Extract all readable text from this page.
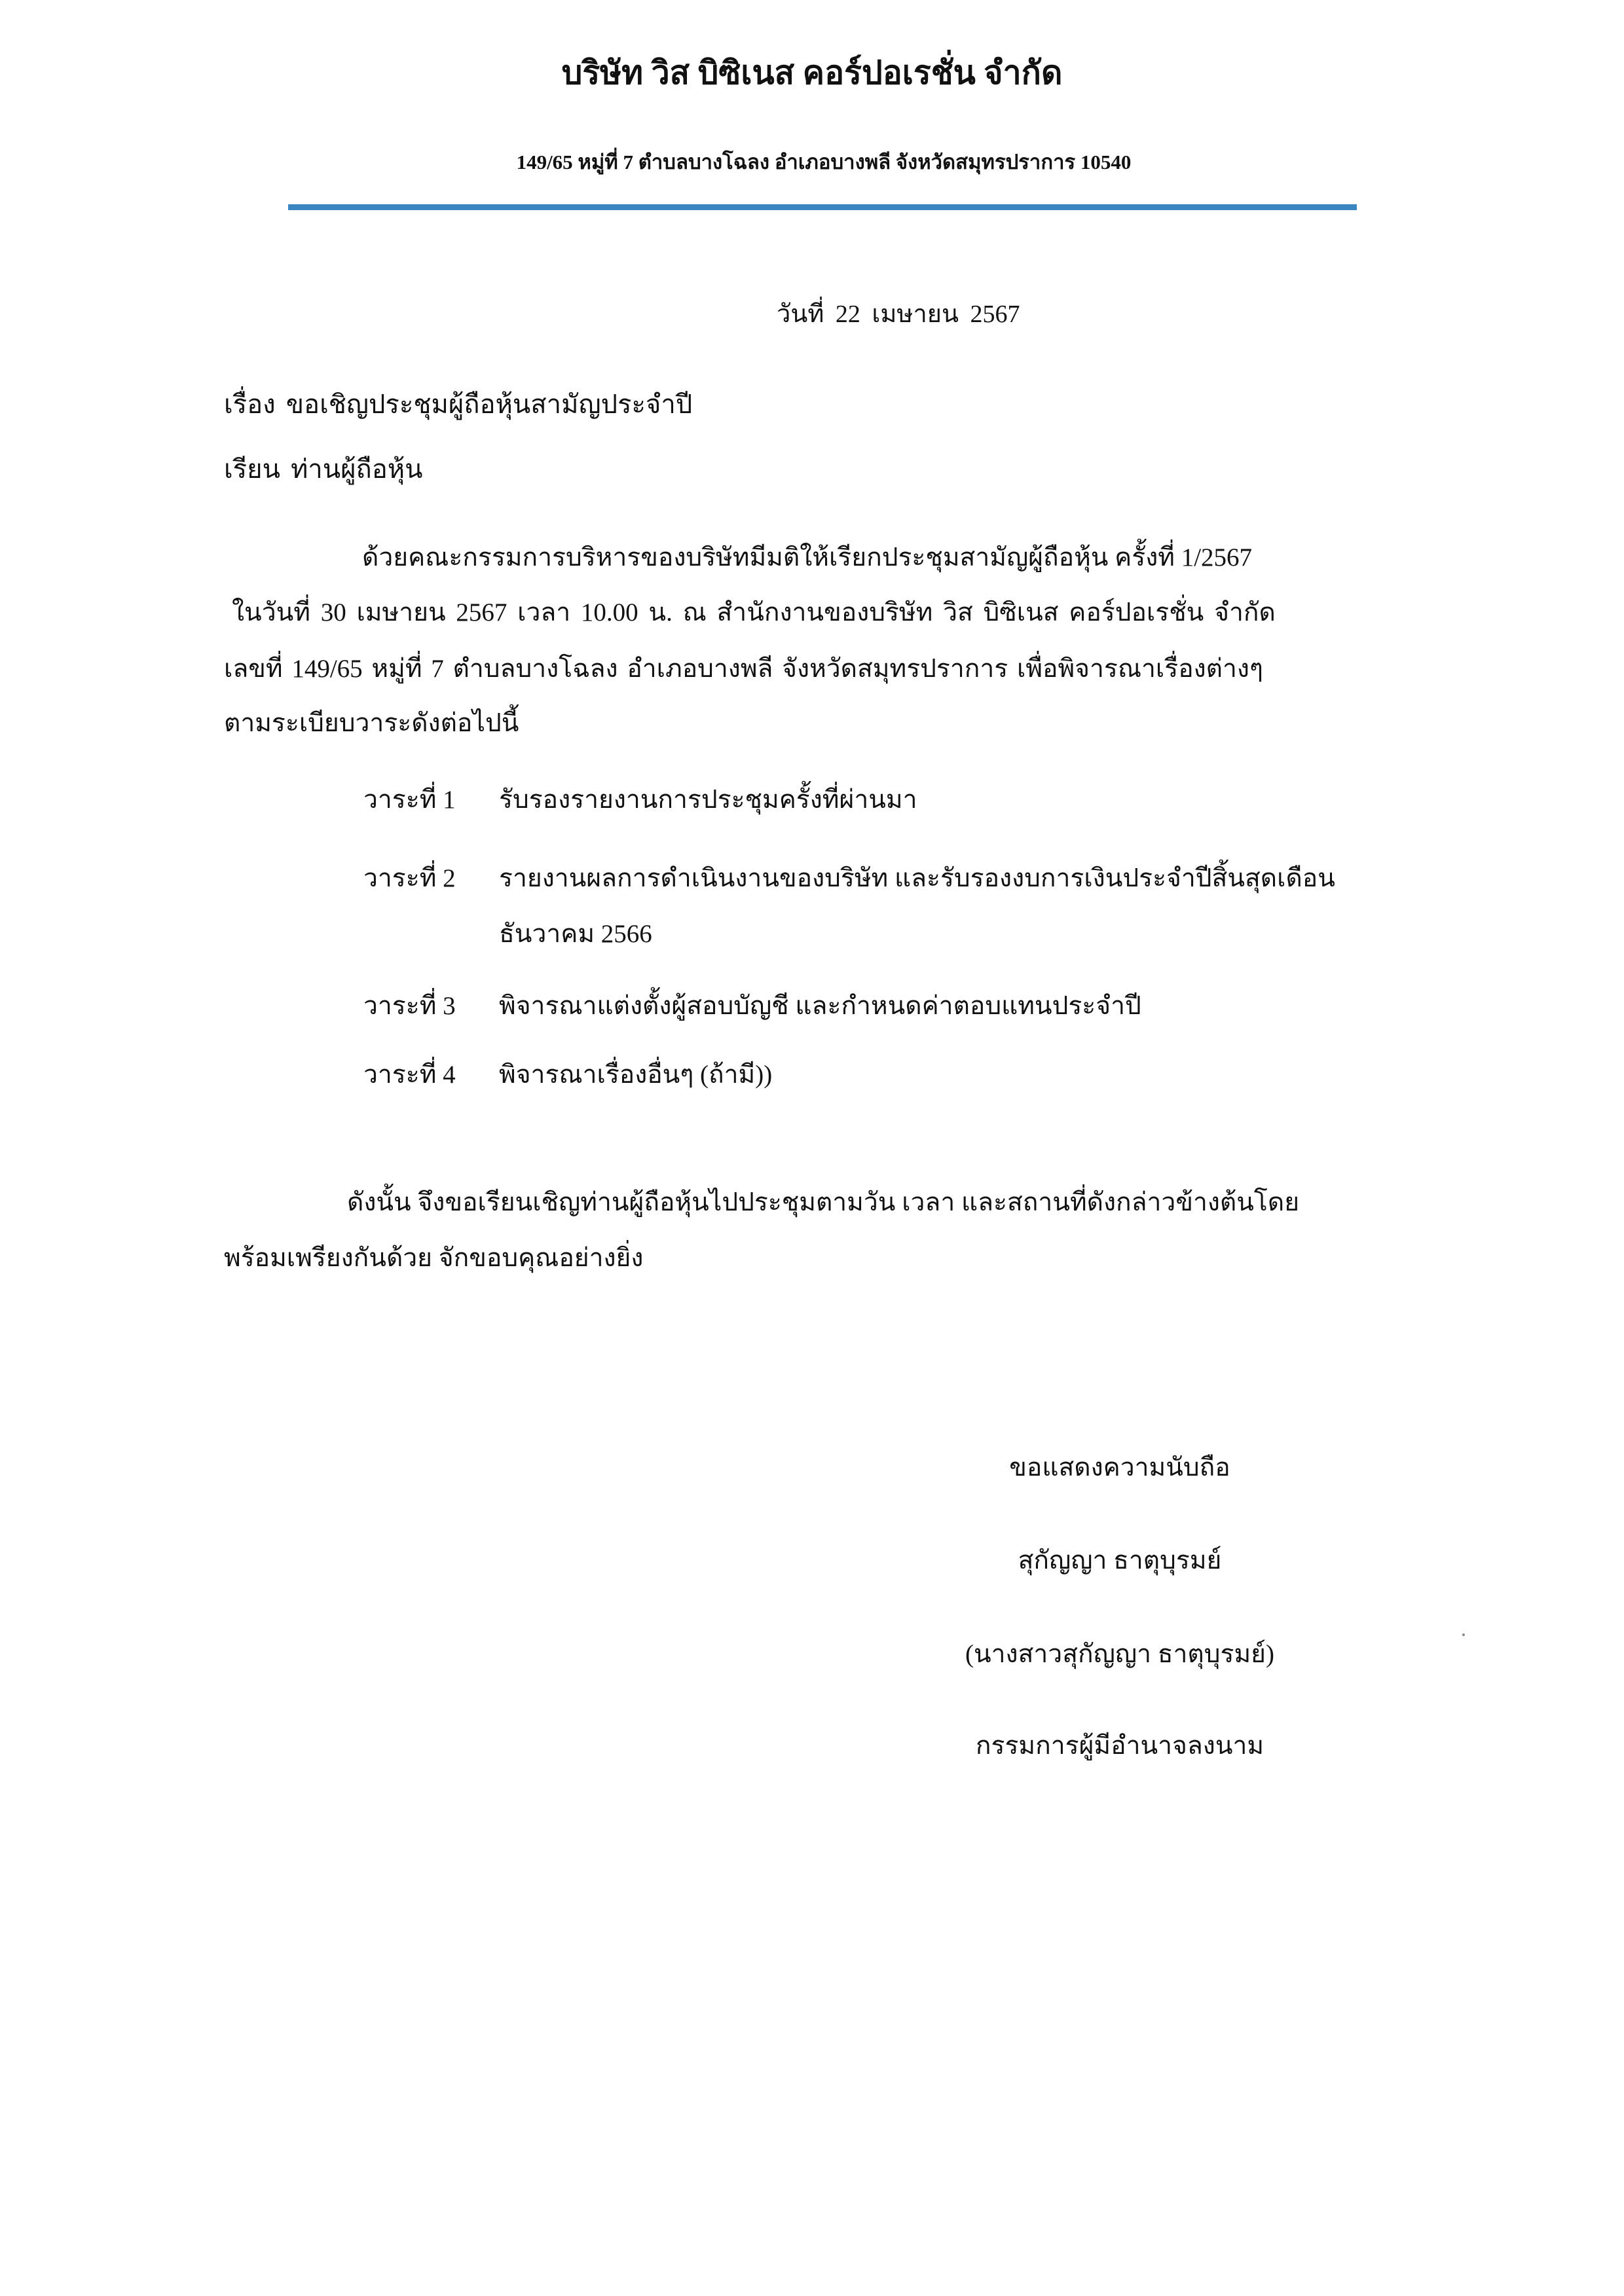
บริษัท วิส บิซิเนส คอร์ปอเรชั่น จำกัด
149/65 หมู่ที่ 7 ตำบลบางโฉลง อำเภอบางพลี จังหวัดสมุทรปราการ 10540
วันที่ 22 เมษายน 2567
เรื่อง ขอเชิญประชุมผู้ถือหุ้นสามัญประจำปี
เรียน ท่านผู้ถือหุ้น
ด้วยคณะกรรมการบริหารของบริษัทมีมติให้เรียกประชุมสามัญผู้ถือหุ้น ครั้งที่ 1/2567
ในวันที่ 30 เมษายน 2567 เวลา 10.00 น. ณ สำนักงานของบริษัท วิส บิซิเนส คอร์ปอเรชั่น จำกัด
เลขที่ 149/65 หมู่ที่ 7 ตำบลบางโฉลง อำเภอบางพลี จังหวัดสมุทรปราการ เพื่อพิจารณาเรื่องต่างๆ
ตามระเบียบวาระดังต่อไปนี้
วาระที่ 1 รับรองรายงานการประชุมครั้งที่ผ่านมา
วาระที่ 2 รายงานผลการดำเนินงานของบริษัท และรับรองงบการเงินประจำปีสิ้นสุดเดือน
ธันวาคม 2566
วาระที่ 3 พิจารณาแต่งตั้งผู้สอบบัญชี และกำหนดค่าตอบแทนประจำปี
วาระที่ 4 พิจารณาเรื่องอื่นๆ (ถ้ามี))
ดังนั้น จึงขอเรียนเชิญท่านผู้ถือหุ้นไปประชุมตามวัน เวลา และสถานที่ดังกล่าวข้างต้นโดย
พร้อมเพรียงกันด้วย จักขอบคุณอย่างยิ่ง
ขอแสดงความนับถือ
สุกัญญา ธาตุบุรมย์
(นางสาวสุกัญญา ธาตุบุรมย์)
กรรมการผู้มีอำนาจลงนาม
